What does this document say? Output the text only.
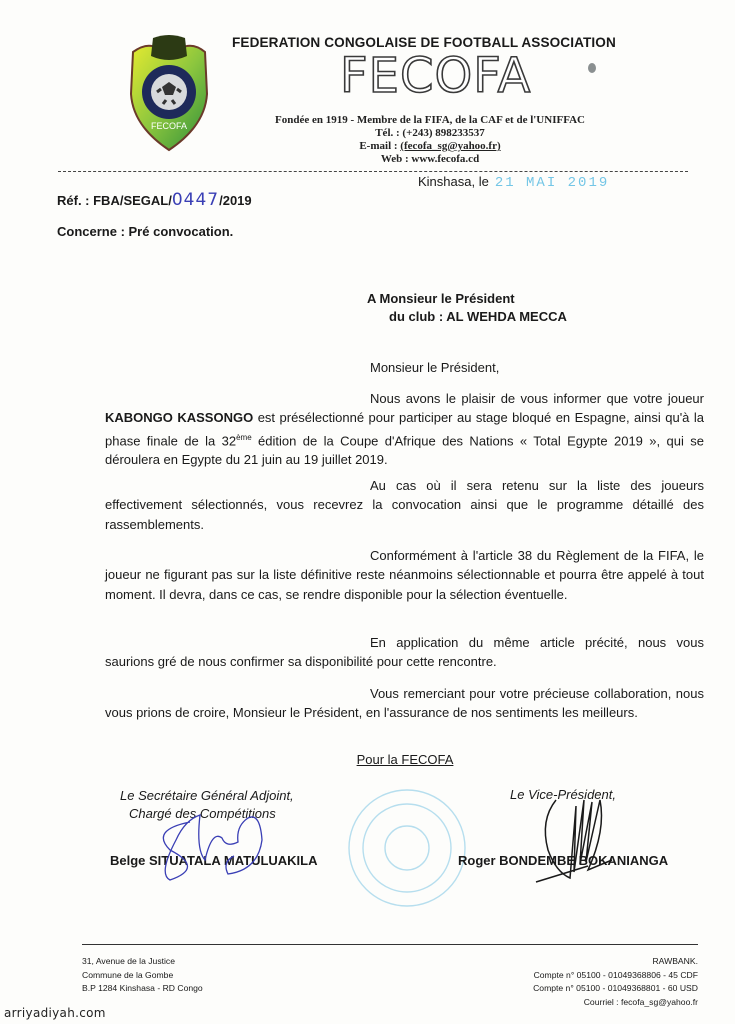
FECOFA
FEDERATION CONGOLAISE DE FOOTBALL ASSOCIATION
FECOFA
Fondée en 1919 - Membre de la FIFA, de la CAF et de l'UNIFFAC
Tél. : (+243) 898233537
E-mail : (fecofa_sg@yahoo.fr)
Web : www.fecofa.cd
Kinshasa, le 21 MAI 2019
Réf. : FBA/SEGAL/0447/2019
Concerne : Pré convocation.
A Monsieur le Président
du club : AL WEHDA MECCA
Monsieur le Président,
Nous avons le plaisir de vous informer que votre joueur KABONGO KASSONGO est présélectionné pour participer au stage bloqué en Espagne, ainsi qu'à la phase finale de la 32ème édition de la Coupe d'Afrique des Nations « Total Egypte 2019 », qui se déroulera en Egypte du 21 juin au 19 juillet 2019.
Au cas où il sera retenu sur la liste des joueurs effectivement sélectionnés, vous recevrez la convocation ainsi que le programme détaillé des rassemblements.
Conformément à l'article 38 du Règlement de la FIFA, le joueur ne figurant pas sur la liste définitive reste néanmoins sélectionnable et pourra être appelé à tout moment. Il devra, dans ce cas, se rendre disponible pour la sélection éventuelle.
En application du même article précité, nous vous saurions gré de nous confirmer sa disponibilité pour cette rencontre.
Vous remerciant pour votre précieuse collaboration, nous vous prions de croire, Monsieur le Président, en l'assurance de nos sentiments les meilleurs.
Pour la FECOFA
Le Secrétaire Général Adjoint,
Chargé des Compétitions
Le Vice-Président,
Belge SITUATALA MATULUAKILA	Roger BONDEMBE BOKANIANGA
31, Avenue de la Justice
Commune de la Gombe
B.P 1284 Kinshasa - RD Congo
RAWBANK.
Compte n° 05100 - 01049368806 - 45 CDF
Compte n° 05100 - 01049368801 - 60 USD
Courriel : fecofa_sg@yahoo.fr
arriyadiyah.com
